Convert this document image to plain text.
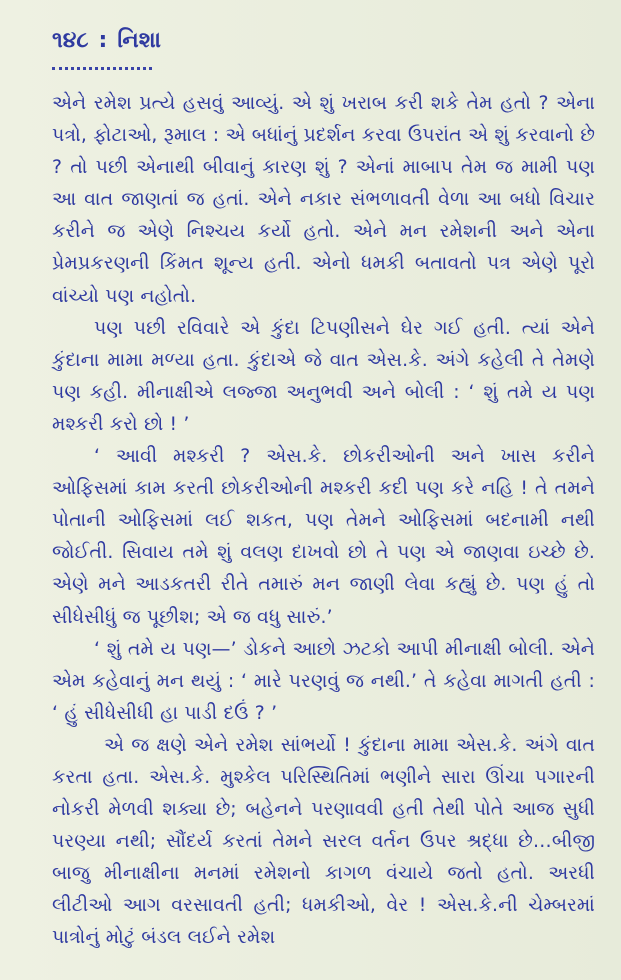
૧૪૮ : નિશા

એને રમેશ પ્રત્યે હસવું આવ્યું. એ શું ખરાબ કરી શકે તેમ હતો ? એના પત્રો, ફોટાઓ, રૂમાલ : એ બધાંનું પ્રદર્શન કરવા ઉપરાંત એ શું કરવાનો છે ? તો પછી એનાથી બીવાનું કારણ શું ? એનાં માબાપ તેમ જ મામી પણ આ વાત જાણતાં જ હતાં. એને નકાર સંભળાવતી વેળા આ બધો વિચાર કરીને જ એણે નિશ્ચય કર્યો હતો. એને મન રમેશની અને એના પ્રેમપ્રકરણની કિંમત શૂન્ય હતી. એનો ધમકી બતાવતો પત્ર એણે પૂરો વાંચ્યો પણ નહોતો.

પણ પછી રવિવારે એ કુંદા ટિપણીસને ઘેર ગઈ હતી. ત્યાં એને કુંદાના મામા મળ્યા હતા. કુંદાએ જે વાત એસ.કે. અંગે કહેલી તે તેમણે પણ કહી. મીનાક્ષીએ લજ્જા અનુભવી અને બોલી : ‘ શું તમે ય પણ મશ્કરી કરો છો ! ’

‘ આવી મશ્કરી ? એસ.કે. છોકરીઓની અને ખાસ કરીને ઓફિસમાં કામ કરતી છોકરીઓની મશ્કરી કદી પણ કરે નહિ ! તે તમને પોતાની ઓફિસમાં લઈ શકત, પણ તેમને ઓફિસમાં બદનામી નથી જોઈતી. સિવાય તમે શું વલણ દાખવો છો તે પણ એ જાણવા ઇચ્છે છે. એણે મને આડકતરી રીતે તમારું મન જાણી લેવા કહ્યું છે. પણ હું તો સીધેસીધું જ પૂછીશ; એ જ વધુ સારું.’

‘ શું તમે ય પણ—’ ડોકને આછો ઝટકો આપી મીનાક્ષી બોલી. એને એમ કહેવાનું મન થયું : ‘ મારે પરણવું જ નથી.’ તે કહેવા માગતી હતી : ‘ હું સીધેસીધી હા પાડી દઉં ? ’

એ જ ક્ષણે એને રમેશ સાંભર્યો ! કુંદાના મામા એસ.કે. અંગે વાત કરતા હતા. એસ.કે. મુશ્કેલ પરિસ્થિતિમાં ભણીને સારા ઊંચા પગારની નોકરી મેળવી શક્યા છે; બહેનને પરણાવવી હતી તેથી પોતે આજ સુધી પરણ્યા નથી; સૌંદર્ય કરતાં તેમને સરલ વર્તન ઉપર શ્રદ્ધા છે…બીજી બાજુ મીનાક્ષીના મનમાં રમેશનો કાગળ વંચાયે જતો હતો. અરધી લીટીઓ આગ વરસાવતી હતી; ધમકીઓ, વેર ! એસ.કે.ની ચેમ્બરમાં પાત્રોનું મોટું બંડલ લઈને રમેશ
